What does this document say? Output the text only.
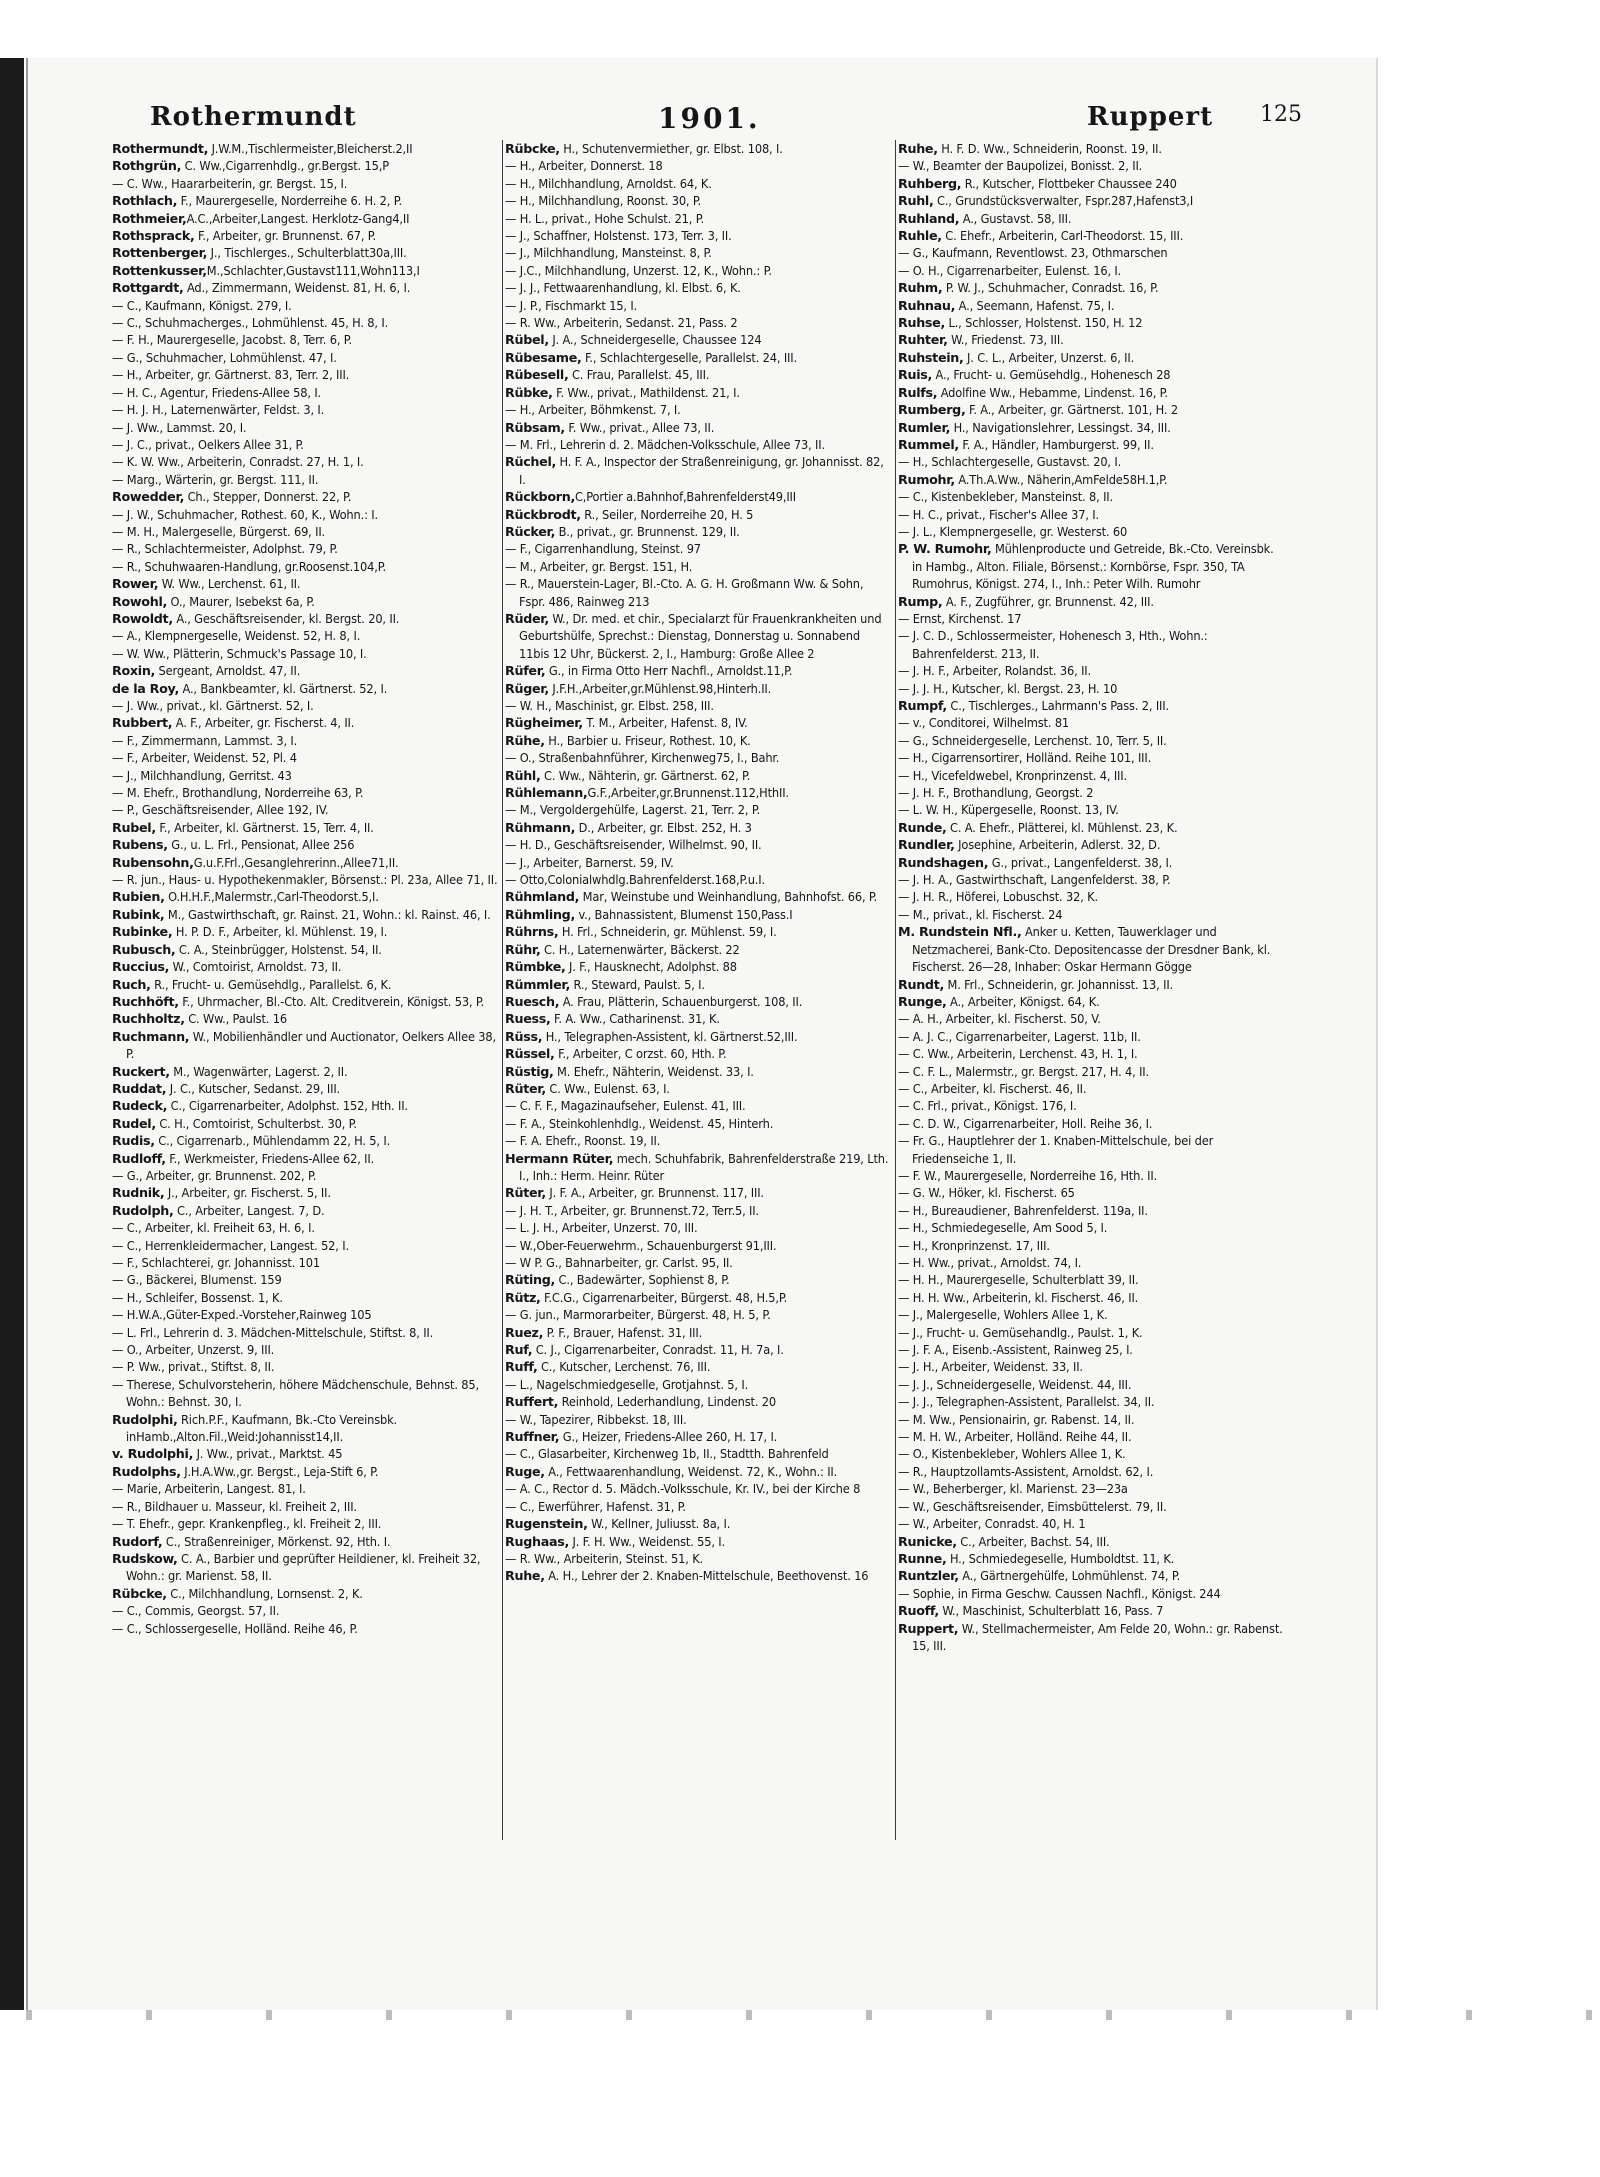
Rothermundt	1901.	Ruppert 125

Rothermundt, J.W.M.,Tischlermeister,Bleicherst.2,II

Rothgrün, C. Ww.,Cigarrenhdlg., gr.Bergst. 15,P

— C. Ww., Haararbeiterin, gr. Bergst. 15, I.

Rothlach, F., Maurergeselle, Norderreihe 6. H. 2, P.

Rothmeier,A.C.,Arbeiter,Langest. Herklotz-Gang4,II

Rothsprack, F., Arbeiter, gr. Brunnenst. 67, P.

Rottenberger, J., Tischlerges., Schulterblatt30a,III.

Rottenkusser,M.,Schlachter,Gustavst111,Wohn113,I

Rottgardt, Ad., Zimmermann, Weidenst. 81, H. 6, I.

— C., Kaufmann, Königst. 279, I.

— C., Schuhmacherges., Lohmühlenst. 45, H. 8, I.

— F. H., Maurergeselle, Jacobst. 8, Terr. 6, P.

— G., Schuhmacher, Lohmühlenst. 47, I.

— H., Arbeiter, gr. Gärtnerst. 83, Terr. 2, III.

— H. C., Agentur, Friedens-Allee 58, I.

— H. J. H., Laternenwärter, Feldst. 3, I.

— J. Ww., Lammst. 20, I.

— J. C., privat., Oelkers Allee 31, P.

— K. W. Ww., Arbeiterin, Conradst. 27, H. 1, I.

— Marg., Wärterin, gr. Bergst. 111, II.

Rowedder, Ch., Stepper, Donnerst. 22, P.

— J. W., Schuhmacher, Rothest. 60, K., Wohn.: I.

— M. H., Malergeselle, Bürgerst. 69, II.

— R., Schlachtermeister, Adolphst. 79, P.

— R., Schuhwaaren-Handlung, gr.Roosenst.104,P.

Rower, W. Ww., Lerchenst. 61, II.

Rowohl, O., Maurer, Isebekst 6a, P.

Rowoldt, A., Geschäftsreisender, kl. Bergst. 20, II.

— A., Klempnergeselle, Weidenst. 52, H. 8, I.

— W. Ww., Plätterin, Schmuck's Passage 10, I.

Roxin, Sergeant, Arnoldst. 47, II.

de la Roy, A., Bankbeamter, kl. Gärtnerst. 52, I.

— J. Ww., privat., kl. Gärtnerst. 52, I.

Rubbert, A. F., Arbeiter, gr. Fischerst. 4, II.

— F., Zimmermann, Lammst. 3, I.

— F., Arbeiter, Weidenst. 52, Pl. 4

— J., Milchhandlung, Gerritst. 43

— M. Ehefr., Brothandlung, Norderreihe 63, P.

— P., Geschäftsreisender, Allee 192, IV.

Rubel, F., Arbeiter, kl. Gärtnerst. 15, Terr. 4, II.

Rubens, G., u. L. Frl., Pensionat, Allee 256

Rubensohn,G.u.F.Frl.,Gesanglehrerinn.,Allee71,II.

— R. jun., Haus- u. Hypothekenmakler, Börsenst.: Pl. 23a, Allee 71, II.

Rubien, O.H.H.F.,Malermstr.,Carl-Theodorst.5,I.

Rubink, M., Gastwirthschaft, gr. Rainst. 21, Wohn.: kl. Rainst. 46, I.

Rubinke, H. P. D. F., Arbeiter, kl. Mühlenst. 19, I.

Rubusch, C. A., Steinbrügger, Holstenst. 54, II.

Ruccius, W., Comtoirist, Arnoldst. 73, II.

Ruch, R., Frucht- u. Gemüsehdlg., Parallelst. 6, K.

Ruchhöft, F., Uhrmacher, Bl.-Cto. Alt. Creditverein, Königst. 53, P.

Ruchholtz, C. Ww., Paulst. 16

Ruchmann, W., Mobilienhändler und Auctionator, Oelkers Allee 38, P.

Ruckert, M., Wagenwärter, Lagerst. 2, II.

Ruddat, J. C., Kutscher, Sedanst. 29, III.

Rudeck, C., Cigarrenarbeiter, Adolphst. 152, Hth. II.

Rudel, C. H., Comtoirist, Schulterbst. 30, P.

Rudis, C., Cigarrenarb., Mühlendamm 22, H. 5, I.

Rudloff, F., Werkmeister, Friedens-Allee 62, II.

— G., Arbeiter, gr. Brunnenst. 202, P.

Rudnik, J., Arbeiter, gr. Fischerst. 5, II.

Rudolph, C., Arbeiter, Langest. 7, D.

— C., Arbeiter, kl. Freiheit 63, H. 6, I.

— C., Herrenkleidermacher, Langest. 52, I.

— F., Schlachterei, gr. Johannisst. 101

— G., Bäckerei, Blumenst. 159

— H., Schleifer, Bossenst. 1, K.

— H.W.A.,Güter-Exped.-Vorsteher,Rainweg 105

— L. Frl., Lehrerin d. 3. Mädchen-Mittelschule, Stiftst. 8, II.

— O., Arbeiter, Unzerst. 9, III.

— P. Ww., privat., Stiftst. 8, II.

— Therese, Schulvorsteherin, höhere Mädchenschule, Behnst. 85, Wohn.: Behnst. 30, I.

Rudolphi, Rich.P.F., Kaufmann, Bk.-Cto Vereinsbk. inHamb.,Alton.Fil.,Weid:Johannisst14,II.

v. Rudolphi, J. Ww., privat., Marktst. 45

Rudolphs, J.H.A.Ww.,gr. Bergst., Leja-Stift 6, P.

— Marie, Arbeiterin, Langest. 81, I.

— R., Bildhauer u. Masseur, kl. Freiheit 2, III.

— T. Ehefr., gepr. Krankenpfleg., kl. Freiheit 2, III.

Rudorf, C., Straßenreiniger, Mörkenst. 92, Hth. I.

Rudskow, C. A., Barbier und geprüfter Heildiener, kl. Freiheit 32, Wohn.: gr. Marienst. 58, II.

Rübcke, C., Milchhandlung, Lornsenst. 2, K.

— C., Commis, Georgst. 57, II.

— C., Schlossergeselle, Holländ. Reihe 46, P.

Rübcke, H., Schutenvermiether, gr. Elbst. 108, I.

— H., Arbeiter, Donnerst. 18

— H., Milchhandlung, Arnoldst. 64, K.

— H., Milchhandlung, Roonst. 30, P.

— H. L., privat., Hohe Schulst. 21, P.

— J., Schaffner, Holstenst. 173, Terr. 3, II.

— J., Milchhandlung, Mansteinst. 8, P.

— J.C., Milchhandlung, Unzerst. 12, K., Wohn.: P.

— J. J., Fettwaarenhandlung, kl. Elbst. 6, K.

— J. P., Fischmarkt 15, I.

— R. Ww., Arbeiterin, Sedanst. 21, Pass. 2

Rübel, J. A., Schneidergeselle, Chaussee 124

Rübesame, F., Schlachtergeselle, Parallelst. 24, III.

Rübesell, C. Frau, Parallelst. 45, III.

Rübke, F. Ww., privat., Mathildenst. 21, I.

— H., Arbeiter, Böhmkenst. 7, I.

Rübsam, F. Ww., privat., Allee 73, II.

— M. Frl., Lehrerin d. 2. Mädchen-Volksschule, Allee 73, II.

Rüchel, H. F. A., Inspector der Straßenreinigung, gr. Johannisst. 82, I.

Rückborn,C,Portier a.Bahnhof,Bahrenfelderst49,III

Rückbrodt, R., Seiler, Norderreihe 20, H. 5

Rücker, B., privat., gr. Brunnenst. 129, II.

— F., Cigarrenhandlung, Steinst. 97

— M., Arbeiter, gr. Bergst. 151, H.

— R., Mauerstein-Lager, Bl.-Cto. A. G. H. Großmann Ww. & Sohn, Fspr. 486, Rainweg 213

Rüder, W., Dr. med. et chir., Specialarzt für Frauenkrankheiten und Geburtshülfe, Sprechst.: Dienstag, Donnerstag u. Sonnabend 11bis 12 Uhr, Bückerst. 2, I., Hamburg: Große Allee 2

Rüfer, G., in Firma Otto Herr Nachfl., Arnoldst.11,P.

Rüger, J.F.H.,Arbeiter,gr.Mühlenst.98,Hinterh.II.

— W. H., Maschinist, gr. Elbst. 258, III.

Rügheimer, T. M., Arbeiter, Hafenst. 8, IV.

Rühe, H., Barbier u. Friseur, Rothest. 10, K.

— O., Straßenbahnführer, Kirchenweg75, I., Bahr.

Rühl, C. Ww., Nähterin, gr. Gärtnerst. 62, P.

Rühlemann,G.F.,Arbeiter,gr.Brunnenst.112,HthII.

— M., Vergoldergehülfe, Lagerst. 21, Terr. 2, P.

Rühmann, D., Arbeiter, gr. Elbst. 252, H. 3

— H. D., Geschäftsreisender, Wilhelmst. 90, II.

— J., Arbeiter, Barnerst. 59, IV.

— Otto,Colonialwhdlg.Bahrenfelderst.168,P.u.I.

Rühmland, Mar, Weinstube und Weinhandlung, Bahnhofst. 66, P.

Rühmling, v., Bahnassistent, Blumenst 150,Pass.I

Rührns, H. Frl., Schneiderin, gr. Mühlenst. 59, I.

Rühr, C. H., Laternenwärter, Bäckerst. 22

Rümbke, J. F., Hausknecht, Adolphst. 88

Rümmler, R., Steward, Paulst. 5, I.

Ruesch, A. Frau, Plätterin, Schauenburgerst. 108, II.

Ruess, F. A. Ww., Catharinenst. 31, K.

Rüss, H., Telegraphen-Assistent, kl. Gärtnerst.52,III.

Rüssel, F., Arbeiter, C orzst. 60, Hth. P.

Rüstig, M. Ehefr., Nähterin, Weidenst. 33, I.

Rüter, C. Ww., Eulenst. 63, I.

— C. F. F., Magazinaufseher, Eulenst. 41, III.

— F. A., Steinkohlenhdlg., Weidenst. 45, Hinterh.

— F. A. Ehefr., Roonst. 19, II.

Hermann Rüter, mech. Schuhfabrik, Bahrenfelderstraße 219, Lth. I., Inh.: Herm. Heinr. Rüter

Rüter, J. F. A., Arbeiter, gr. Brunnenst. 117, III.

— J. H. T., Arbeiter, gr. Brunnenst.72, Terr.5, II.

— L. J. H., Arbeiter, Unzerst. 70, III.

— W.,Ober-Feuerwehrm., Schauenburgerst 91,III.

— W P. G., Bahnarbeiter, gr. Carlst. 95, II.

Rüting, C., Badewärter, Sophienst 8, P.

Rütz, F.C.G., Cigarrenarbeiter, Bürgerst. 48, H.5,P.

— G. jun., Marmorarbeiter, Bürgerst. 48, H. 5, P.

Ruez, P. F., Brauer, Hafenst. 31, III.

Ruf, C. J., Cigarrenarbeiter, Conradst. 11, H. 7a, I.

Ruff, C., Kutscher, Lerchenst. 76, III.

— L., Nagelschmiedgeselle, Grotjahnst. 5, I.

Ruffert, Reinhold, Lederhandlung, Lindenst. 20

— W., Tapezirer, Ribbekst. 18, III.

Ruffner, G., Heizer, Friedens-Allee 260, H. 17, I.

— C., Glasarbeiter, Kirchenweg 1b, II., Stadtth. Bahrenfeld

Ruge, A., Fettwaarenhandlung, Weidenst. 72, K., Wohn.: II.

— A. C., Rector d. 5. Mädch.-Volksschule, Kr. IV., bei der Kirche 8

— C., Ewerführer, Hafenst. 31, P.

Rugenstein, W., Kellner, Juliusst. 8a, I.

Rughaas, J. F. H. Ww., Weidenst. 55, I.

— R. Ww., Arbeiterin, Steinst. 51, K.

Ruhe, A. H., Lehrer der 2. Knaben-Mittelschule, Beethovenst. 16

Ruhe, H. F. D. Ww., Schneiderin, Roonst. 19, II.

— W., Beamter der Baupolizei, Bonisst. 2, II.

Ruhberg, R., Kutscher, Flottbeker Chaussee 240

Ruhl, C., Grundstücksverwalter, Fspr.287,Hafenst3,I

Ruhland, A., Gustavst. 58, III.

Ruhle, C. Ehefr., Arbeiterin, Carl-Theodorst. 15, III.

— G., Kaufmann, Reventlowst. 23, Othmarschen

— O. H., Cigarrenarbeiter, Eulenst. 16, I.

Ruhm, P. W. J., Schuhmacher, Conradst. 16, P.

Ruhnau, A., Seemann, Hafenst. 75, I.

Ruhse, L., Schlosser, Holstenst. 150, H. 12

Ruhter, W., Friedenst. 73, III.

Ruhstein, J. C. L., Arbeiter, Unzerst. 6, II.

Ruis, A., Frucht- u. Gemüsehdlg., Hohenesch 28

Rulfs, Adolfine Ww., Hebamme, Lindenst. 16, P.

Rumberg, F. A., Arbeiter, gr. Gärtnerst. 101, H. 2

Rumler, H., Navigationslehrer, Lessingst. 34, III.

Rummel, F. A., Händler, Hamburgerst. 99, II.

— H., Schlachtergeselle, Gustavst. 20, I.

Rumohr, A.Th.A.Ww., Näherin,AmFelde58H.1,P.

— C., Kistenbekleber, Mansteinst. 8, II.

— H. C., privat., Fischer's Allee 37, I.

— J. L., Klempnergeselle, gr. Westerst. 60

P. W. Rumohr, Mühlenproducte und Getreide, Bk.-Cto. Vereinsbk. in Hambg., Alton. Filiale, Börsenst.: Kornbörse, Fspr. 350, TA Rumohrus, Königst. 274, I., Inh.: Peter Wilh. Rumohr

Rump, A. F., Zugführer, gr. Brunnenst. 42, III.

— Ernst, Kirchenst. 17

— J. C. D., Schlossermeister, Hohenesch 3, Hth., Wohn.: Bahrenfelderst. 213, II.

— J. H. F., Arbeiter, Rolandst. 36, II.

— J. J. H., Kutscher, kl. Bergst. 23, H. 10

Rumpf, C., Tischlerges., Lahrmann's Pass. 2, III.

— v., Conditorei, Wilhelmst. 81

— G., Schneidergeselle, Lerchenst. 10, Terr. 5, II.

— H., Cigarrensortirer, Holländ. Reihe 101, III.

— H., Vicefeldwebel, Kronprinzenst. 4, III.

— J. H. F., Brothandlung, Georgst. 2

— L. W. H., Küpergeselle, Roonst. 13, IV.

Runde, C. A. Ehefr., Plätterei, kl. Mühlenst. 23, K.

Rundler, Josephine, Arbeiterin, Adlerst. 32, D.

Rundshagen, G., privat., Langenfelderst. 38, I.

— J. H. A., Gastwirthschaft, Langenfelderst. 38, P.

— J. H. R., Höferei, Lobuschst. 32, K.

— M., privat., kl. Fischerst. 24

M. Rundstein Nfl., Anker u. Ketten, Tauwerklager und Netzmacherei, Bank-Cto. Depositencasse der Dresdner Bank, kl. Fischerst. 26—28, Inhaber: Oskar Hermann Gögge

Rundt, M. Frl., Schneiderin, gr. Johannisst. 13, II.

Runge, A., Arbeiter, Königst. 64, K.

— A. H., Arbeiter, kl. Fischerst. 50, V.

— A. J. C., Cigarrenarbeiter, Lagerst. 11b, II.

— C. Ww., Arbeiterin, Lerchenst. 43, H. 1, I.

— C. F. L., Malermstr., gr. Bergst. 217, H. 4, II.

— C., Arbeiter, kl. Fischerst. 46, II.

— C. Frl., privat., Königst. 176, I.

— C. D. W., Cigarrenarbeiter, Holl. Reihe 36, I.

— Fr. G., Hauptlehrer der 1. Knaben-Mittelschule, bei der Friedenseiche 1, II.

— F. W., Maurergeselle, Norderreihe 16, Hth. II.

— G. W., Höker, kl. Fischerst. 65

— H., Bureaudiener, Bahrenfelderst. 119a, II.

— H., Schmiedegeselle, Am Sood 5, I.

— H., Kronprinzenst. 17, III.

— H. Ww., privat., Arnoldst. 74, I.

— H. H., Maurergeselle, Schulterblatt 39, II.

— H. H. Ww., Arbeiterin, kl. Fischerst. 46, II.

— J., Malergeselle, Wohlers Allee 1, K.

— J., Frucht- u. Gemüsehandlg., Paulst. 1, K.

— J. F. A., Eisenb.-Assistent, Rainweg 25, I.

— J. H., Arbeiter, Weidenst. 33, II.

— J. J., Schneidergeselle, Weidenst. 44, III.

— J. J., Telegraphen-Assistent, Parallelst. 34, II.

— M. Ww., Pensionairin, gr. Rabenst. 14, II.

— M. H. W., Arbeiter, Holländ. Reihe 44, II.

— O., Kistenbekleber, Wohlers Allee 1, K.

— R., Hauptzollamts-Assistent, Arnoldst. 62, I.

— W., Beherberger, kl. Marienst. 23—23a

— W., Geschäftsreisender, Eimsbüttelerst. 79, II.

— W., Arbeiter, Conradst. 40, H. 1

Runicke, C., Arbeiter, Bachst. 54, III.

Runne, H., Schmiedegeselle, Humboldtst. 11, K.

Runtzler, A., Gärtnergehülfe, Lohmühlenst. 74, P.

— Sophie, in Firma Geschw. Caussen Nachfl., Königst. 244

Ruoff, W., Maschinist, Schulterblatt 16, Pass. 7

Ruppert, W., Stellmachermeister, Am Felde 20, Wohn.: gr. Rabenst. 15, III.
